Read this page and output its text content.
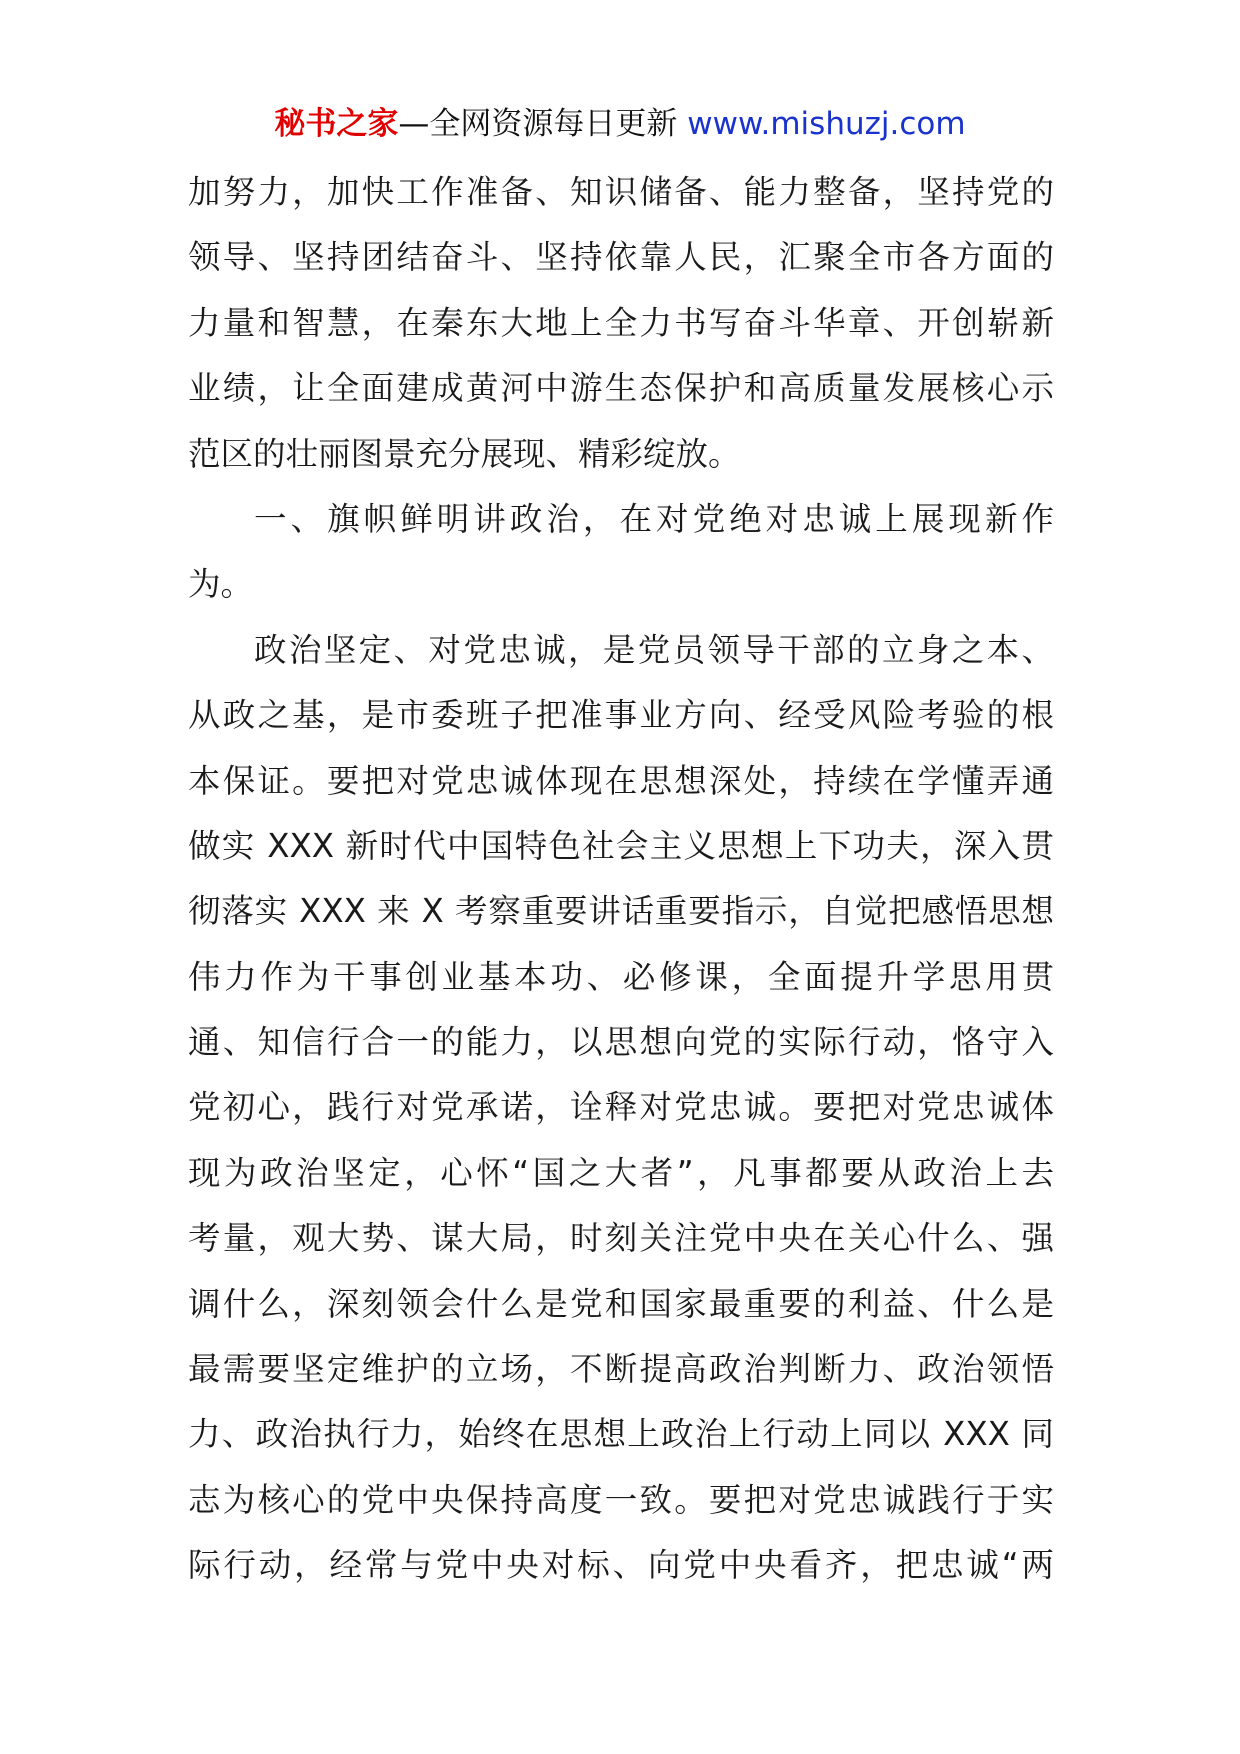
秘书之家—全网资源每日更新 www.mishuzj.com
加努力，加快工作准备、知识储备、能力整备，坚持党的
领导、坚持团结奋斗、坚持依靠人民，汇聚全市各方面的
力量和智慧，在秦东大地上全力书写奋斗华章、开创崭新
业绩，让全面建成黄河中游生态保护和高质量发展核心示
范区的壮丽图景充分展现、精彩绽放。
一、旗帜鲜明讲政治，在对党绝对忠诚上展现新作
为。
政治坚定、对党忠诚，是党员领导干部的立身之本、
从政之基，是市委班子把准事业方向、经受风险考验的根
本保证。要把对党忠诚体现在思想深处，持续在学懂弄通
做实 XXX 新时代中国特色社会主义思想上下功夫，深入贯
彻落实 XXX 来 X 考察重要讲话重要指示，自觉把感悟思想
伟力作为干事创业基本功、必修课，全面提升学思用贯
通、知信行合一的能力，以思想向党的实际行动，恪守入
党初心，践行对党承诺，诠释对党忠诚。要把对党忠诚体
现为政治坚定，心怀“国之大者”，凡事都要从政治上去
考量，观大势、谋大局，时刻关注党中央在关心什么、强
调什么，深刻领会什么是党和国家最重要的利益、什么是
最需要坚定维护的立场，不断提高政治判断力、政治领悟
力、政治执行力，始终在思想上政治上行动上同以 XXX 同
志为核心的党中央保持高度一致。要把对党忠诚践行于实
际行动，经常与党中央对标、向党中央看齐，把忠诚“两
